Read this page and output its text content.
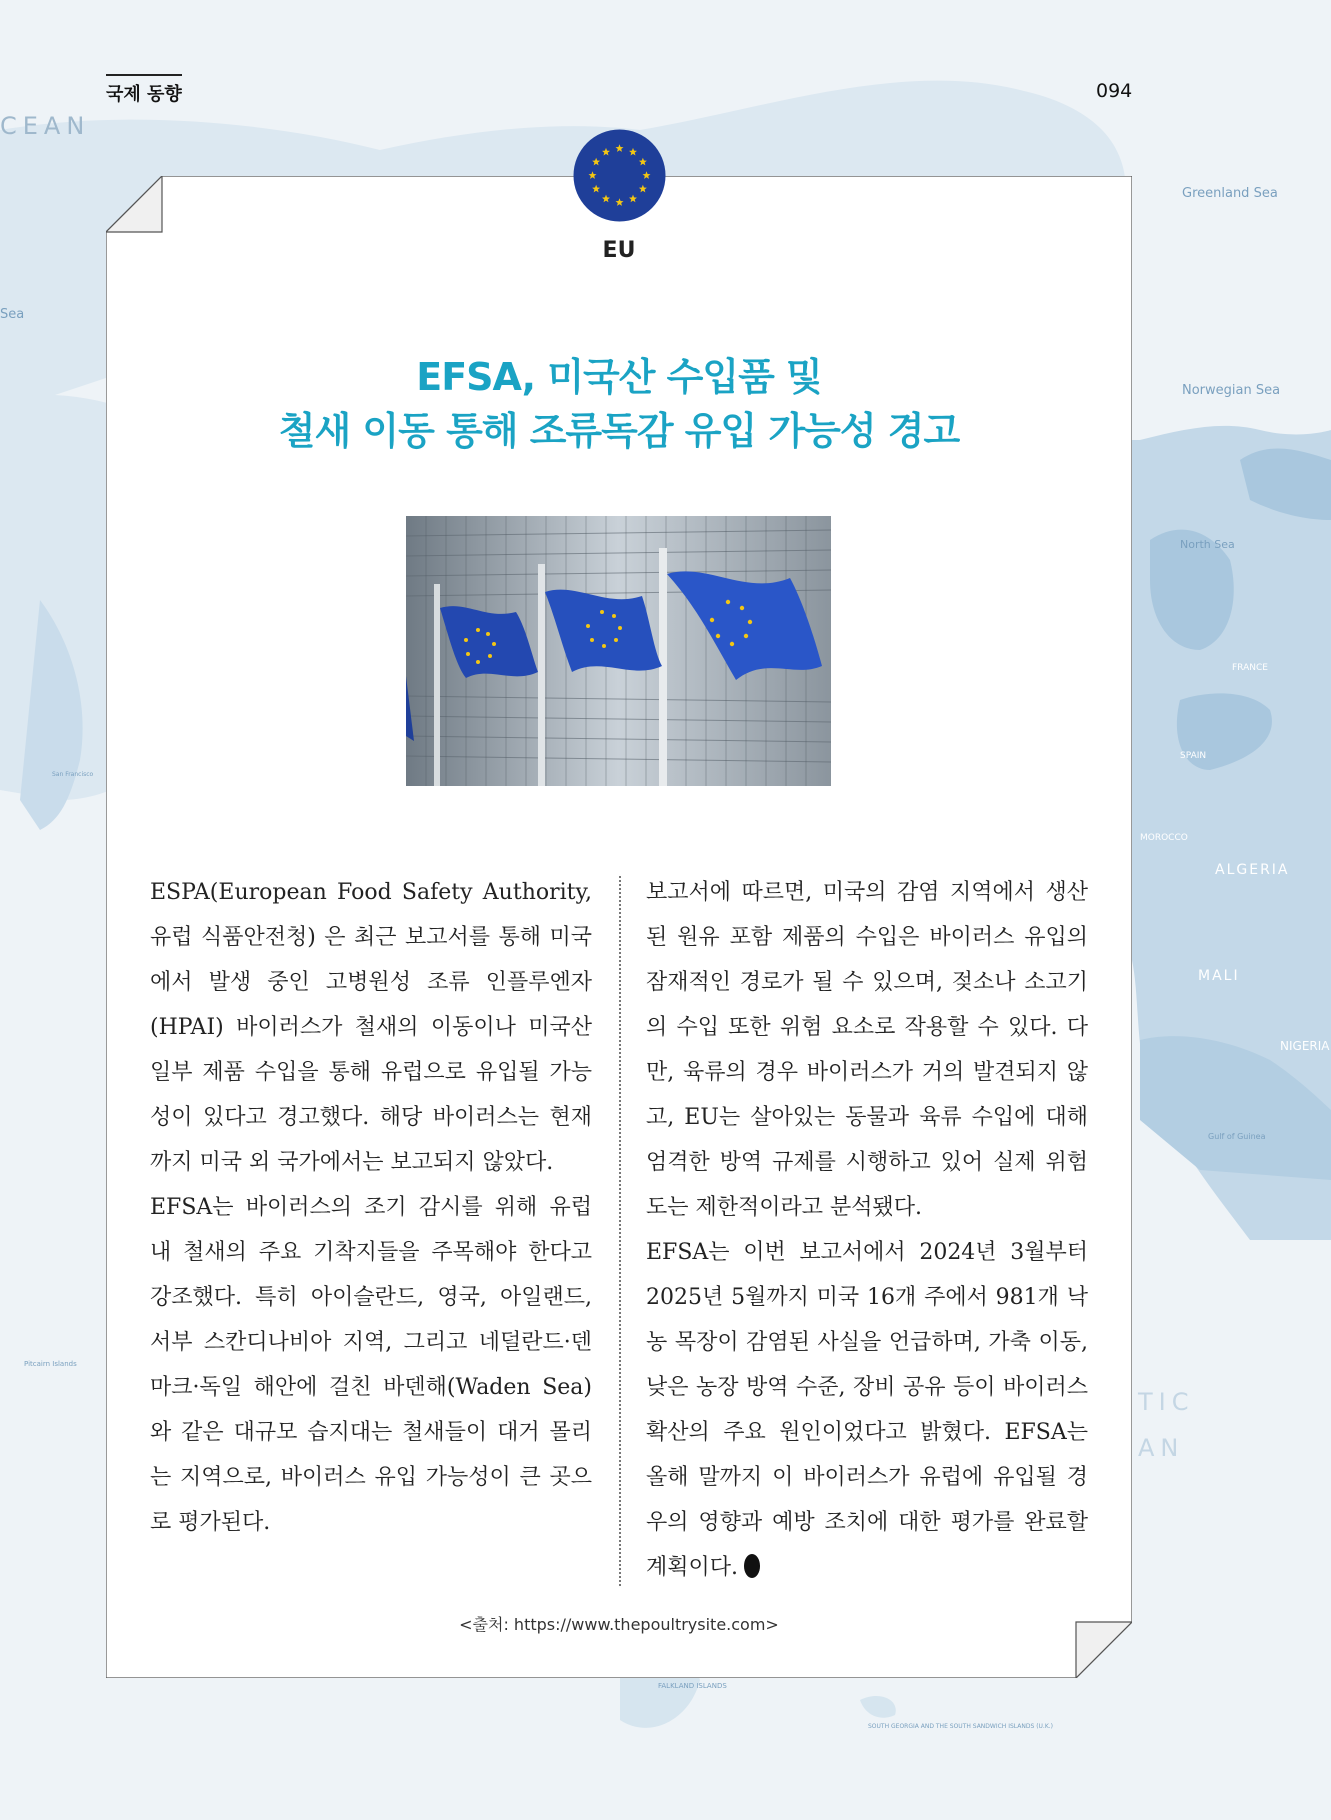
CEAN
Sea
Greenland Sea
Norwegian Sea
North Sea
ALGERIA
MALI
NIGERIA
MOROCCO
FRANCE
SPAIN
San Francisco
Pitcairn Islands
FALKLAND ISLANDS
SOUTH GEORGIA AND THE SOUTH SANDWICH ISLANDS (U.K.)
Gulf of Guinea
TIC
AN
국제 동향	094
EU
EFSA, 미국산 수입품 및
철새 이동 통해 조류독감 유입 가능성 경고

ESPA(European Food Safety Authority, 유럽 식품안전청) 은 최근 보고서를 통해 미국에서 발생 중인 고병원성 조류 인플루엔자(HPAI) 바이러스가 철새의 이동이나 미국산 일부 제품 수입을 통해 유럽으로 유입될 가능성이 있다고 경고했다. 해당 바이러스는 현재까지 미국 외 국가에서는 보고되지 않았다.

EFSA는 바이러스의 조기 감시를 위해 유럽 내 철새의 주요 기착지들을 주목해야 한다고 강조했다. 특히 아이슬란드, 영국, 아일랜드, 서부 스칸디나비아 지역, 그리고 네덜란드·덴마크·독일 해안에 걸친 바덴해(Waden Sea)와 같은 대규모 습지대는 철새들이 대거 몰리는 지역으로, 바이러스 유입 가능성이 큰 곳으로 평가된다.

보고서에 따르면, 미국의 감염 지역에서 생산된 원유 포함 제품의 수입은 바이러스 유입의 잠재적인 경로가 될 수 있으며, 젖소나 소고기의 수입 또한 위험 요소로 작용할 수 있다. 다만, 육류의 경우 바이러스가 거의 발견되지 않고, EU는 살아있는 동물과 육류 수입에 대해 엄격한 방역 규제를 시행하고 있어 실제 위험도는 제한적이라고 분석됐다.

EFSA는 이번 보고서에서 2024년 3월부터 2025년 5월까지 미국 16개 주에서 981개 낙농 목장이 감염된 사실을 언급하며, 가축 이동, 낮은 농장 방역 수준, 장비 공유 등이 바이러스 확산의 주요 원인이었다고 밝혔다. EFSA는 올해 말까지 이 바이러스가 유럽에 유입될 경우의 영향과 예방 조치에 대한 평가를 완료할 계획이다.

<출처: https://www.thepoultrysite.com>
